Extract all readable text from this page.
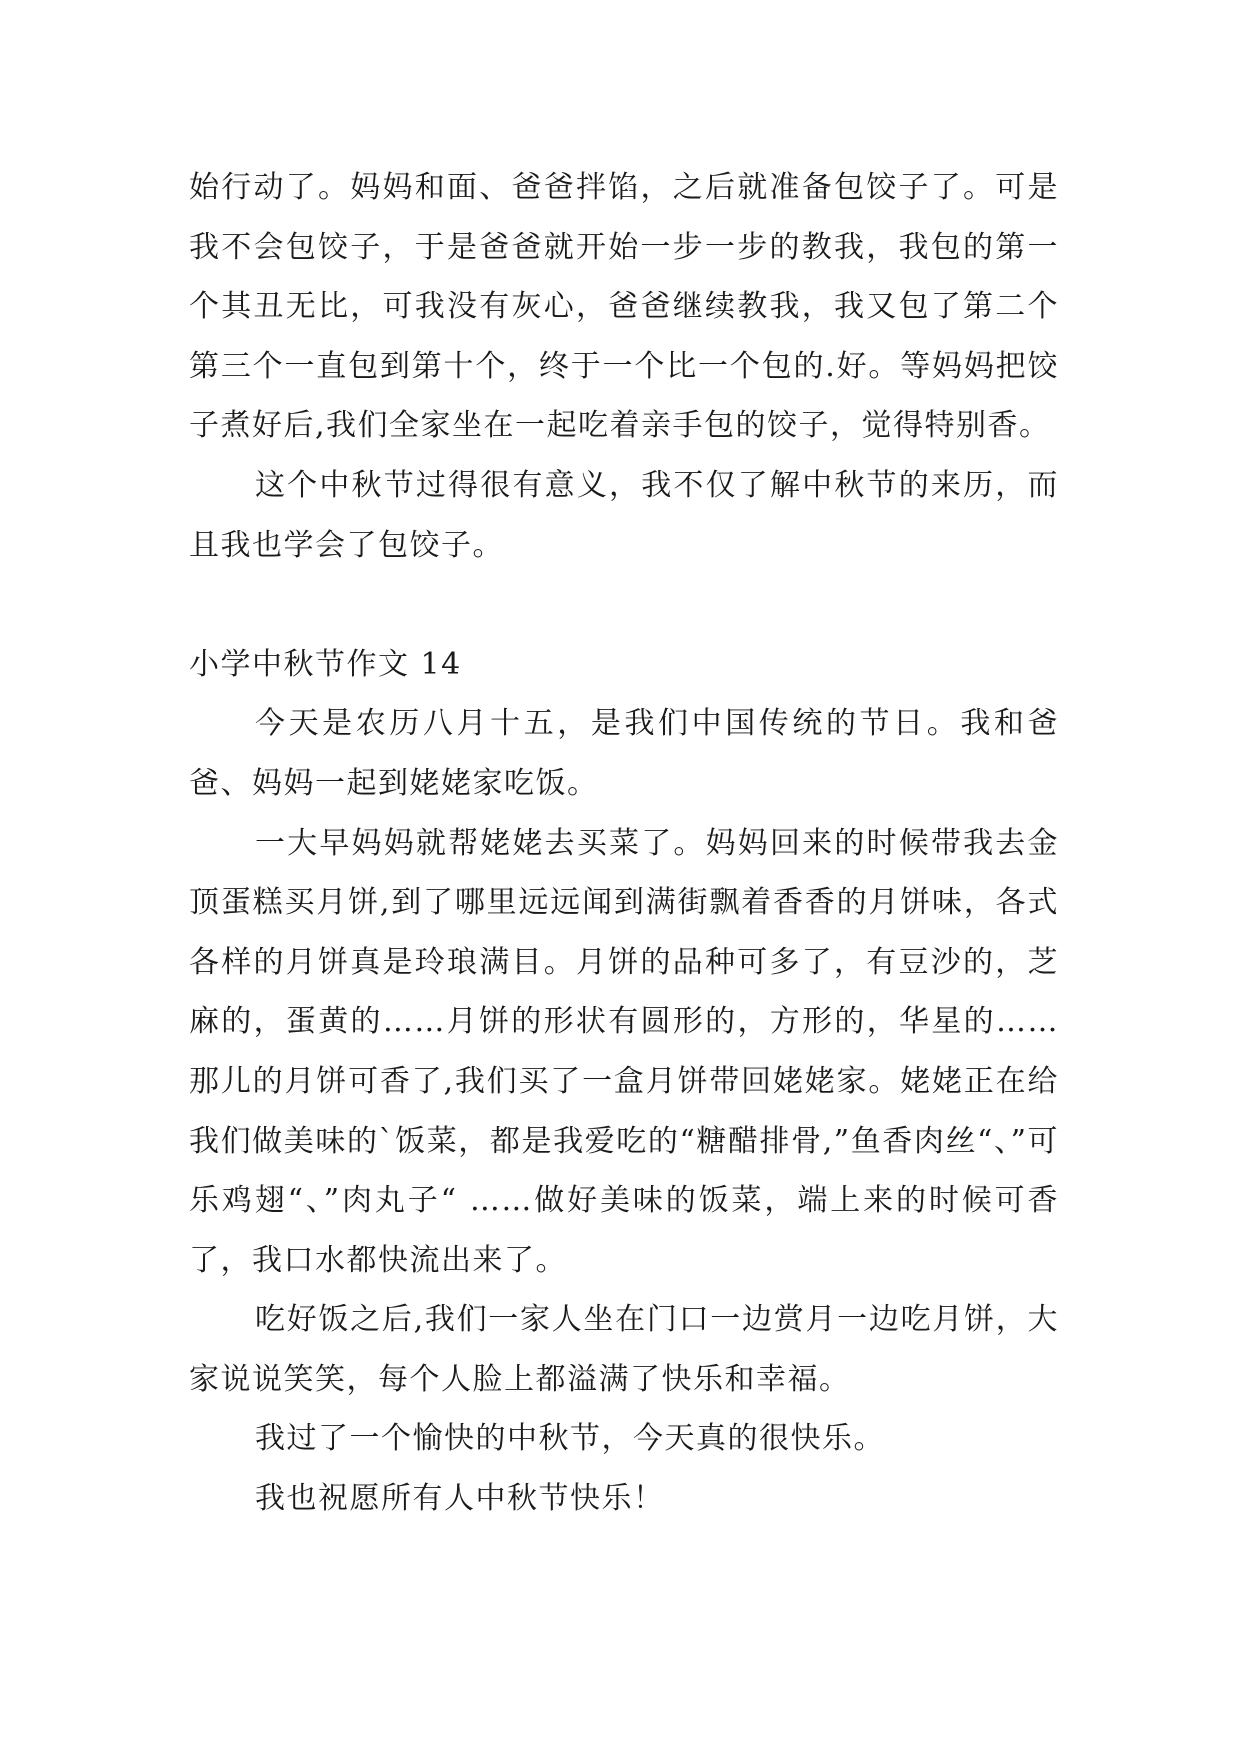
始行动了。妈妈和面、爸爸拌馅，之后就准备包饺子了。可是我不会包饺子，于是爸爸就开始一步一步的教我，我包的第一个其丑无比，可我没有灰心，爸爸继续教我，我又包了第二个第三个一直包到第十个，终于一个比一个包的.好。等妈妈把饺子煮好后,我们全家坐在一起吃着亲手包的饺子，觉得特别香。

这个中秋节过得很有意义，我不仅了解中秋节的来历，而且我也学会了包饺子。

小学中秋节作文 14

今天是农历八月十五，是我们中国传统的节日。我和爸爸、妈妈一起到姥姥家吃饭。

一大早妈妈就帮姥姥去买菜了。妈妈回来的时候带我去金顶蛋糕买月饼,到了哪里远远闻到满街飘着香香的月饼味，各式各样的月饼真是玲琅满目。月饼的品种可多了，有豆沙的，芝麻的，蛋黄的……月饼的形状有圆形的，方形的，华星的……那儿的月饼可香了,我们买了一盒月饼带回姥姥家。姥姥正在给我们做美味的`饭菜，都是我爱吃的“糖醋排骨,”鱼香肉丝“、”可乐鸡翅“、”肉丸子“ ……做好美味的饭菜，端上来的时候可香了，我口水都快流出来了。

吃好饭之后,我们一家人坐在门口一边赏月一边吃月饼，大家说说笑笑，每个人脸上都溢满了快乐和幸福。

我过了一个愉快的中秋节，今天真的很快乐。

我也祝愿所有人中秋节快乐！
